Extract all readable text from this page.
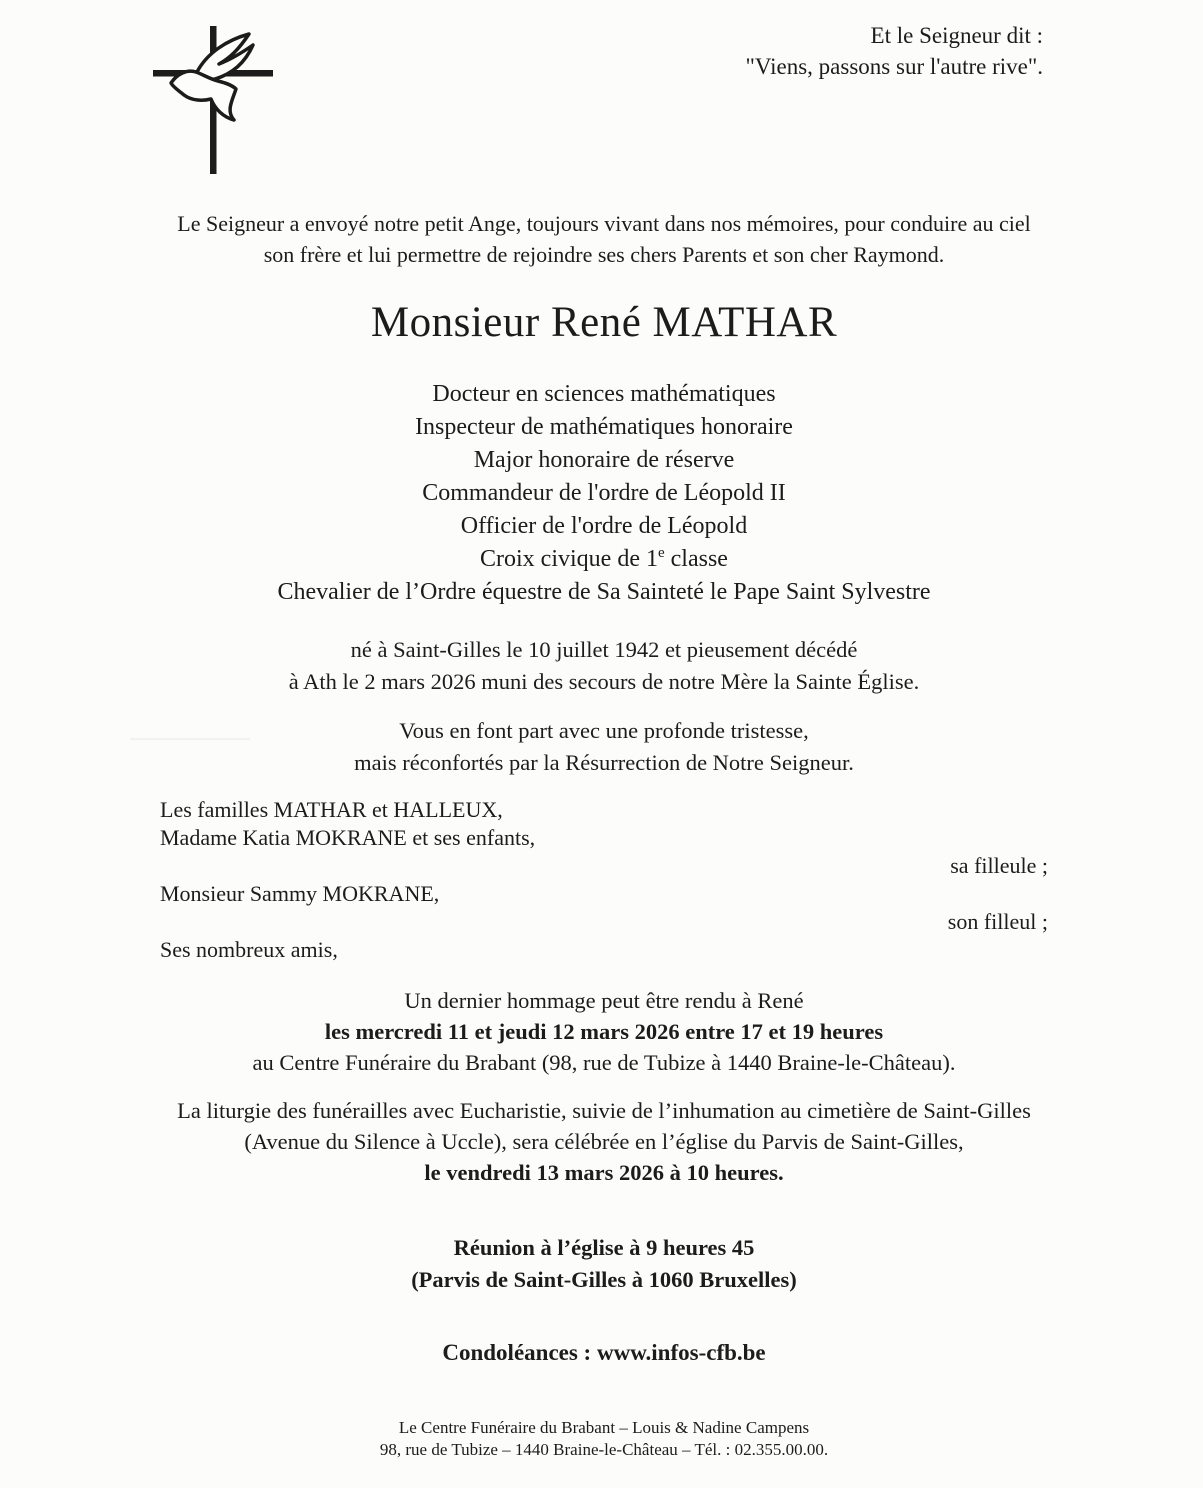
Et le Seigneur dit :
"Viens, passons sur l'autre rive".

Le Seigneur a envoyé notre petit Ange, toujours vivant dans nos mémoires, pour conduire au ciel son frère et lui permettre de rejoindre ses chers Parents et son cher Raymond.

Monsieur René MATHAR
Docteur en sciences mathématiques
Inspecteur de mathématiques honoraire
Major honoraire de réserve
Commandeur de l'ordre de Léopold II
Officier de l'ordre de Léopold
Croix civique de 1e classe
Chevalier de l’Ordre équestre de Sa Sainteté le Pape Saint Sylvestre
né à Saint-Gilles le 10 juillet 1942 et pieusement décédé
à Ath le 2 mars 2026 muni des secours de notre Mère la Sainte Église.
Vous en font part avec une profonde tristesse,
mais réconfortés par la Résurrection de Notre Seigneur.
Les familles MATHAR et HALLEUX,
Madame Katia MOKRANE et ses enfants,
sa filleule ;
Monsieur Sammy MOKRANE,
son filleul ;
Ses nombreux amis,
Un dernier hommage peut être rendu à René
les mercredi 11 et jeudi 12 mars 2026 entre 17 et 19 heures
au Centre Funéraire du Brabant (98, rue de Tubize à 1440 Braine-le-Château).
La liturgie des funérailles avec Eucharistie, suivie de l’inhumation au cimetière de Saint-Gilles (Avenue du Silence à Uccle), sera célébrée en l’église du Parvis de Saint-Gilles,
le vendredi 13 mars 2026 à 10 heures.
Réunion à l’église à 9 heures 45
(Parvis de Saint-Gilles à 1060 Bruxelles)
Condoléances : www.infos-cfb.be
Le Centre Funéraire du Brabant – Louis & Nadine Campens
98, rue de Tubize – 1440 Braine-le-Château – Tél. : 02.355.00.00.
